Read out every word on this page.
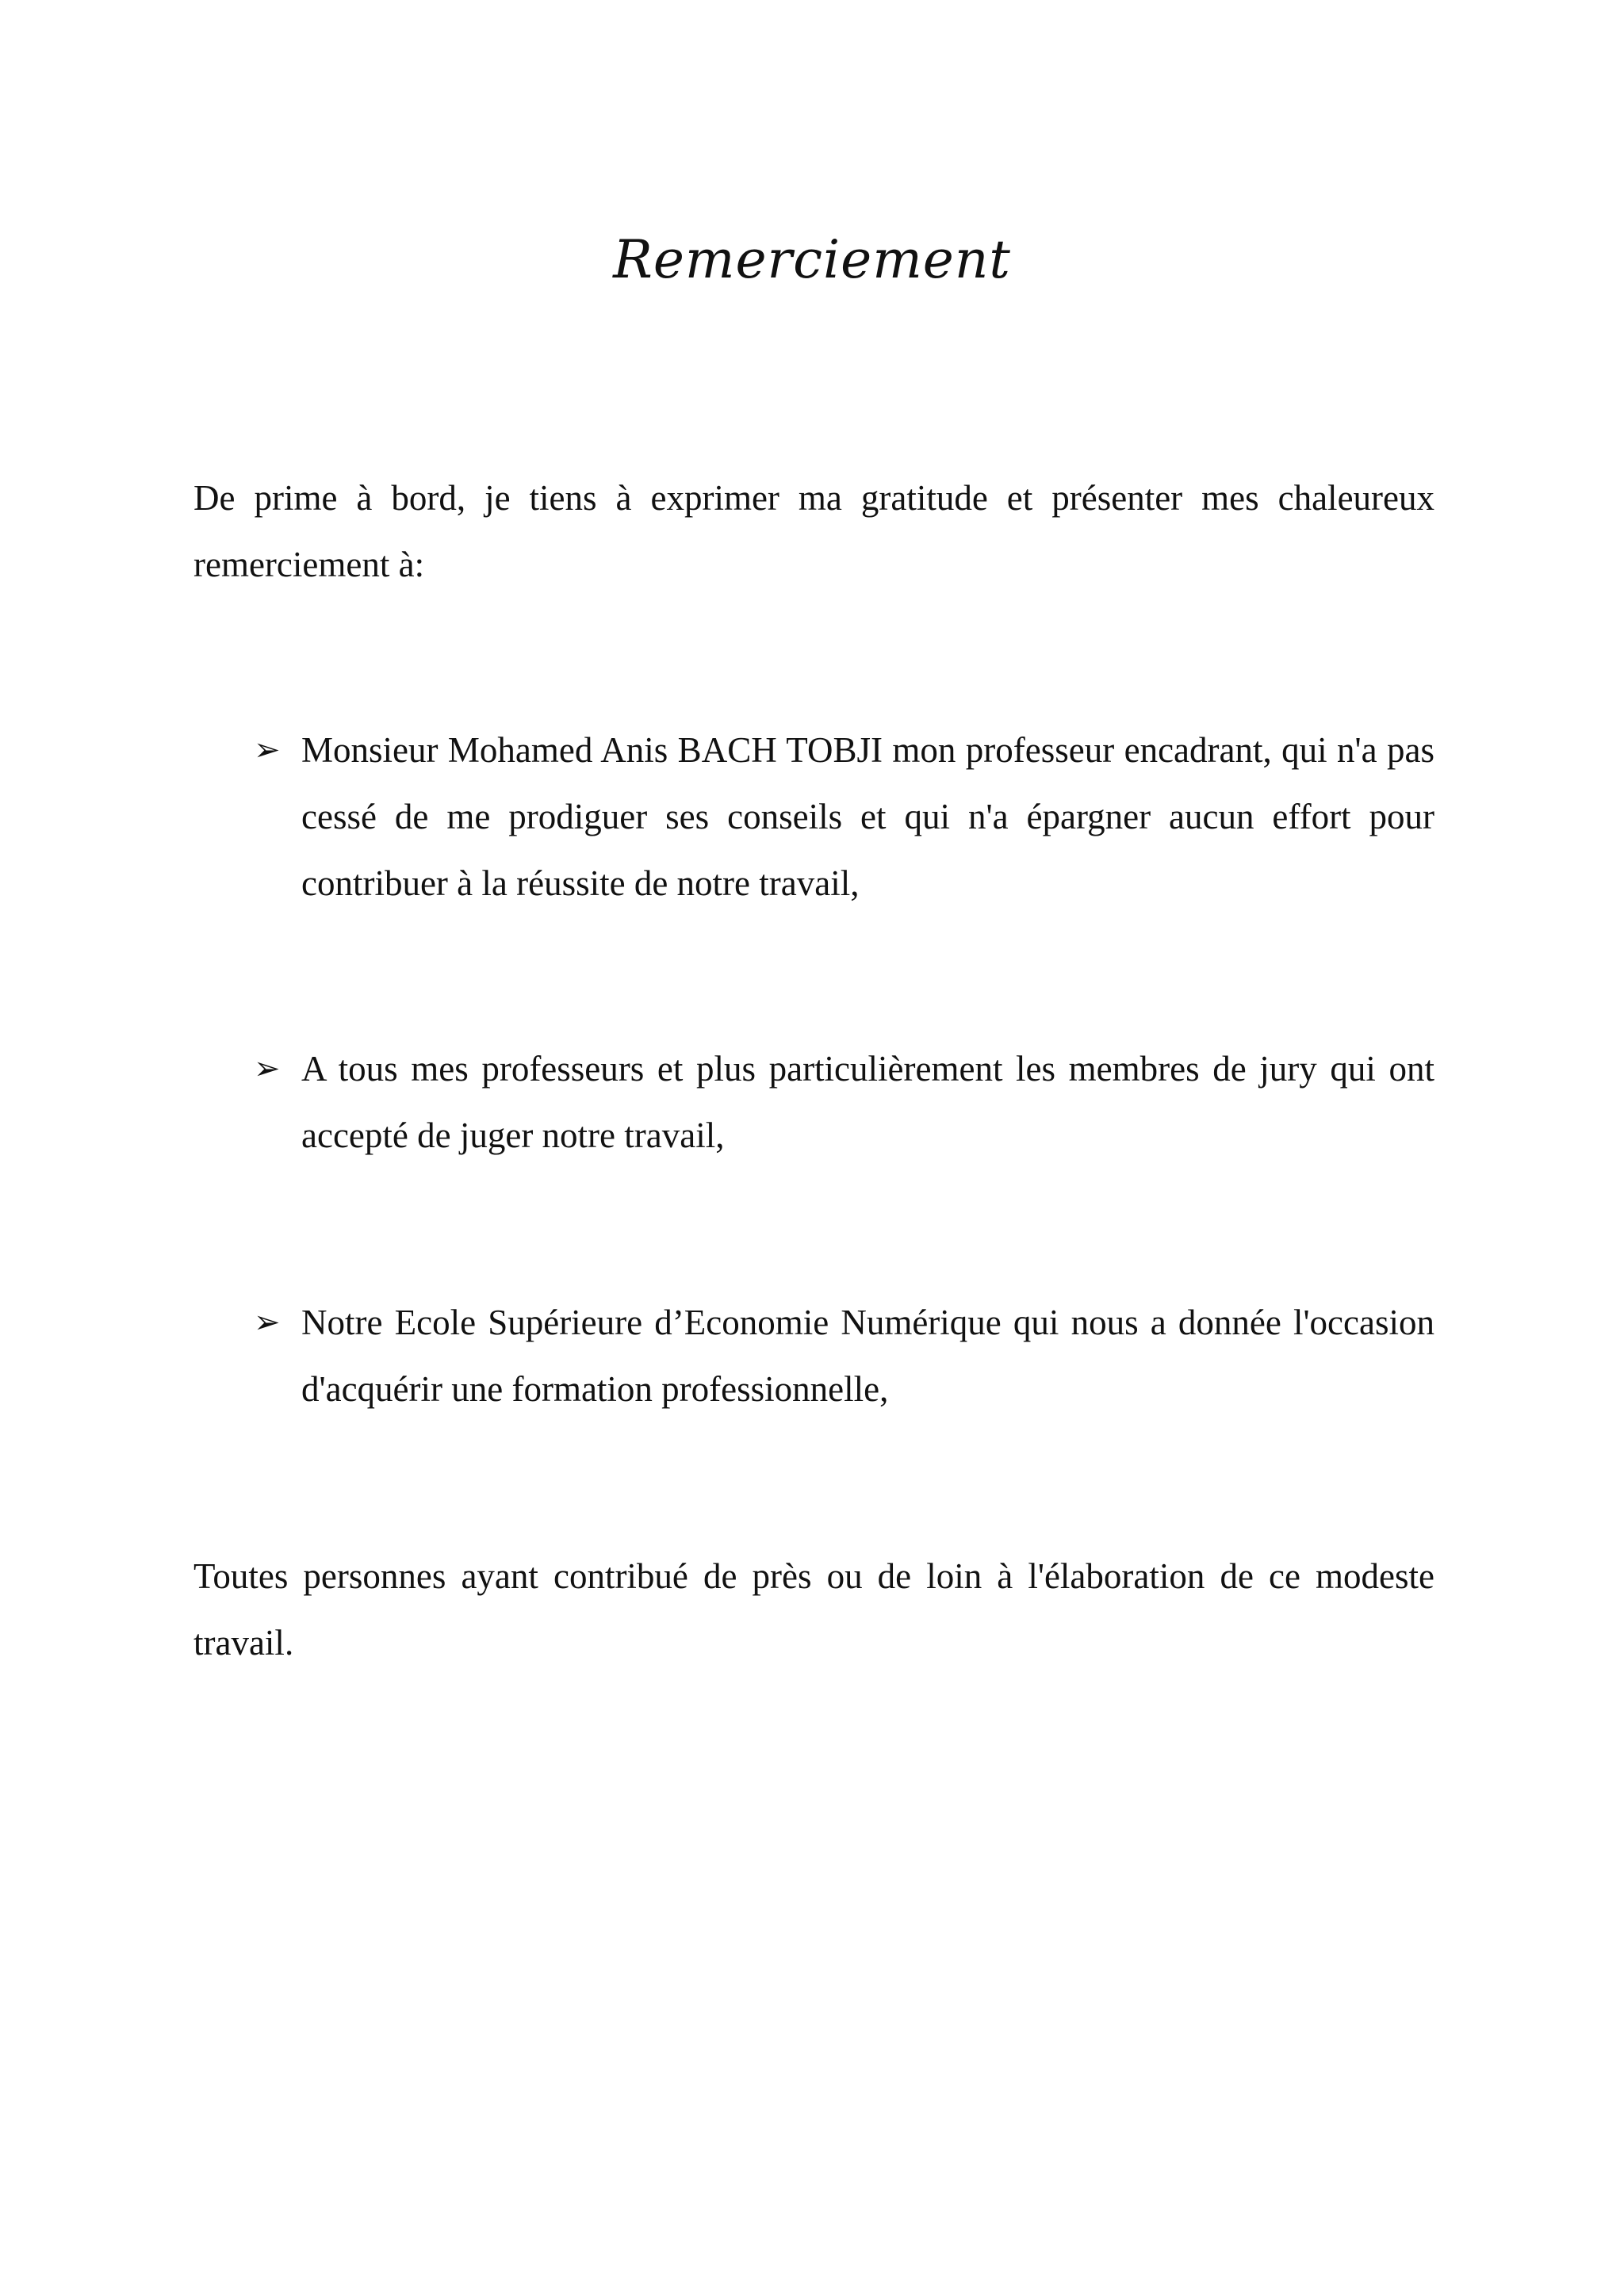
Remerciement

De prime à bord, je tiens à exprimer ma gratitude et présenter mes chaleureux remerciement à:

➢ Monsieur Mohamed Anis BACH TOBJI mon professeur encadrant, qui n'a pas cessé de me prodiguer ses conseils et qui n'a épargner aucun effort pour contribuer à la réussite de notre travail,

➢ A tous mes professeurs et plus particulièrement les membres de jury qui ont accepté de juger notre travail,

➢ Notre Ecole Supérieure d’Economie Numérique qui nous a donnée l'occasion d'acquérir une formation professionnelle,

Toutes personnes ayant contribué de près ou de loin à l'élaboration de ce modeste travail.
